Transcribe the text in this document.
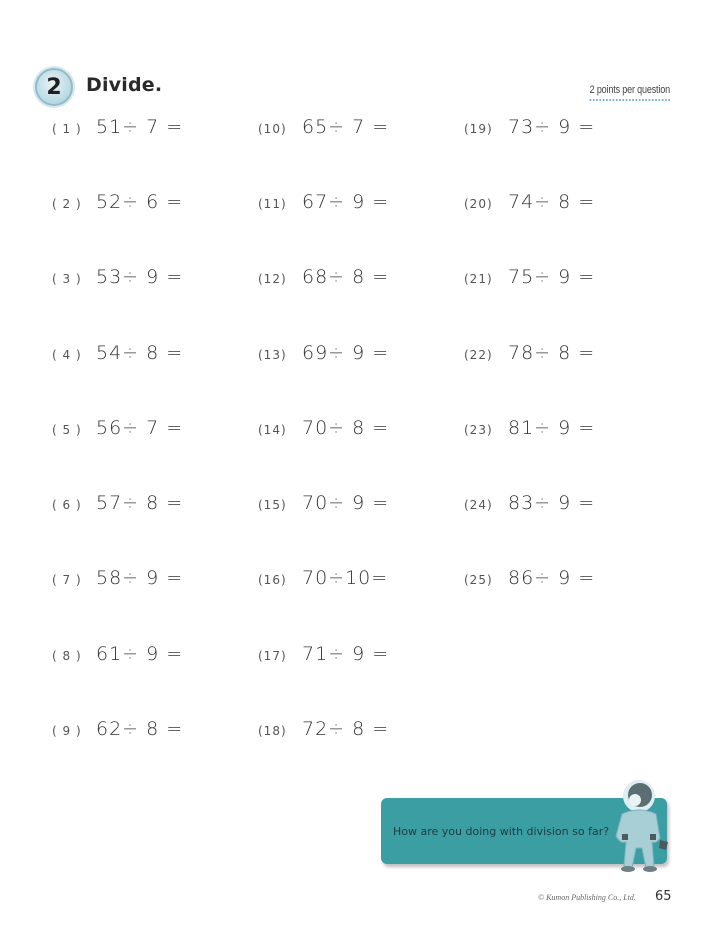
2	Divide.	2 points per question
( 1 ) 51÷ 7 =
( 2 ) 52÷ 6 =
( 3 ) 53÷ 9 =
( 4 ) 54÷ 8 =
( 5 ) 56÷ 7 =
( 6 ) 57÷ 8 =
( 7 ) 58÷ 9 =
( 8 ) 61÷ 9 =
( 9 ) 62÷ 8 =
(10) 65÷ 7 =
(11) 67÷ 9 =
(12) 68÷ 8 =
(13) 69÷ 9 =
(14) 70÷ 8 =
(15) 70÷ 9 =
(16) 70÷10=
(17) 71÷ 9 =
(18) 72÷ 8 =
(19) 73÷ 9 =
(20) 74÷ 8 =
(21) 75÷ 9 =
(22) 78÷ 8 =
(23) 81÷ 9 =
(24) 83÷ 9 =
(25) 86÷ 9 =
How are you doing with division so far?
© Kumon Publishing Co., Ltd. 65
